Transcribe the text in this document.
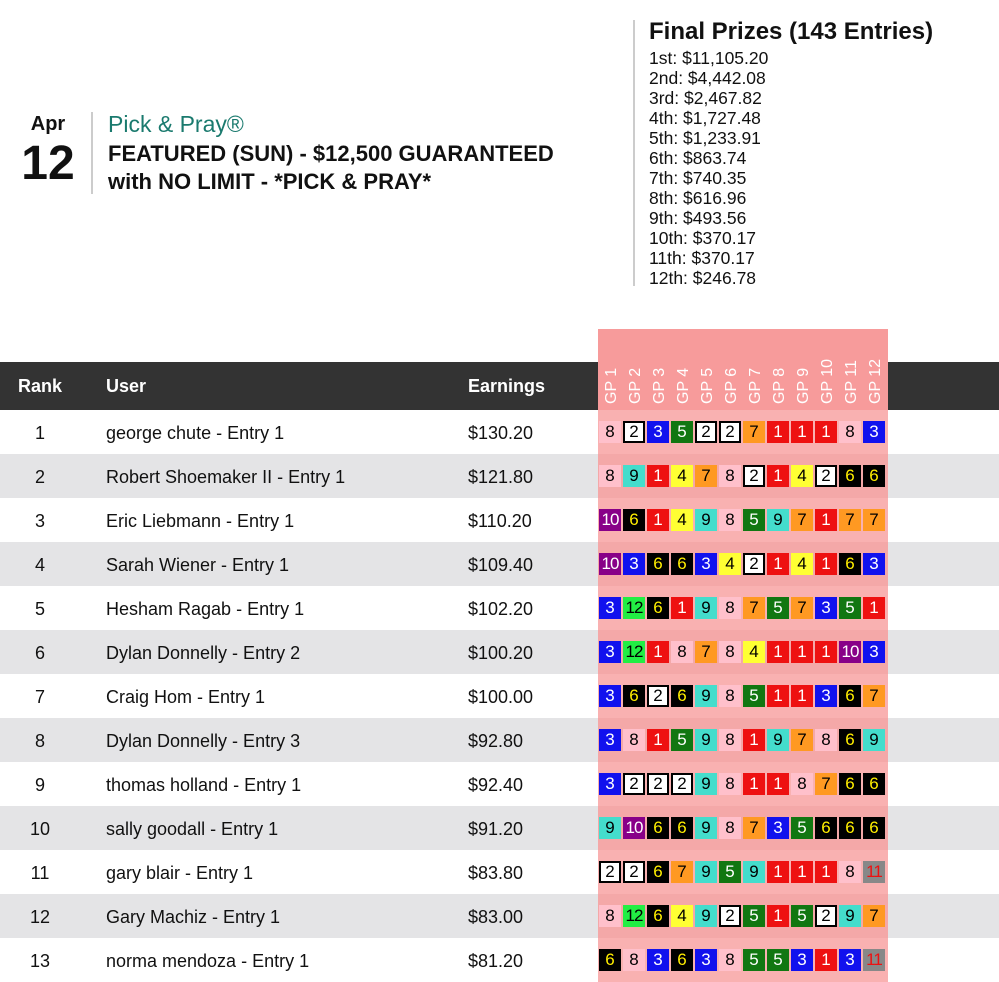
Apr
12
Pick & Pray®
FEATURED (SUN) - $12,500 GUARANTEED
with NO LIMIT - *PICK & PRAY*
Final Prizes (143 Entries)
1st: $11,105.20
2nd: $4,442.08
3rd: $2,467.82
4th: $1,727.48
5th: $1,233.91
6th: $863.74
7th: $740.35
8th: $616.96
9th: $493.56
10th: $370.17
11th: $370.17
12th: $246.78
Rank	User	Earnings	GP 1 GP 2 GP 3 GP 4 GP 5 GP 6 GP 7 GP 8 GP 9 GP 10 GP 11 GP 12
1	george chute - Entry 1	$130.20	8 2 3 5 2 2 7 1 1 1 8 3
2	Robert Shoemaker II - Entry 1	$121.80	8 9 1 4 7 8 2 1 4 2 6 6
3	Eric Liebmann - Entry 1	$110.20	10 6 1 4 9 8 5 9 7 1 7 7
4	Sarah Wiener - Entry 1	$109.40	10 3 6 6 3 4 2 1 4 1 6 3
5	Hesham Ragab - Entry 1	$102.20	3 12 6 1 9 8 7 5 7 3 5 1
6	Dylan Donnelly - Entry 2	$100.20	3 12 1 8 7 8 4 1 1 1 10 3
7	Craig Hom - Entry 1	$100.00	3 6 2 6 9 8 5 1 1 3 6 7
8	Dylan Donnelly - Entry 3	$92.80	3 8 1 5 9 8 1 9 7 8 6 9
9	thomas holland - Entry 1	$92.40	3 2 2 2 9 8 1 1 8 7 6 6
10	sally goodall - Entry 1	$91.20	9 10 6 6 9 8 7 3 5 6 6 6
11	gary blair - Entry 1	$83.80	2 2 6 7 9 5 9 1 1 1 8 11
12	Gary Machiz - Entry 1	$83.00	8 12 6 4 9 2 5 1 5 2 9 7
13	norma mendoza - Entry 1	$81.20	6 8 3 6 3 8 5 5 3 1 3 11
